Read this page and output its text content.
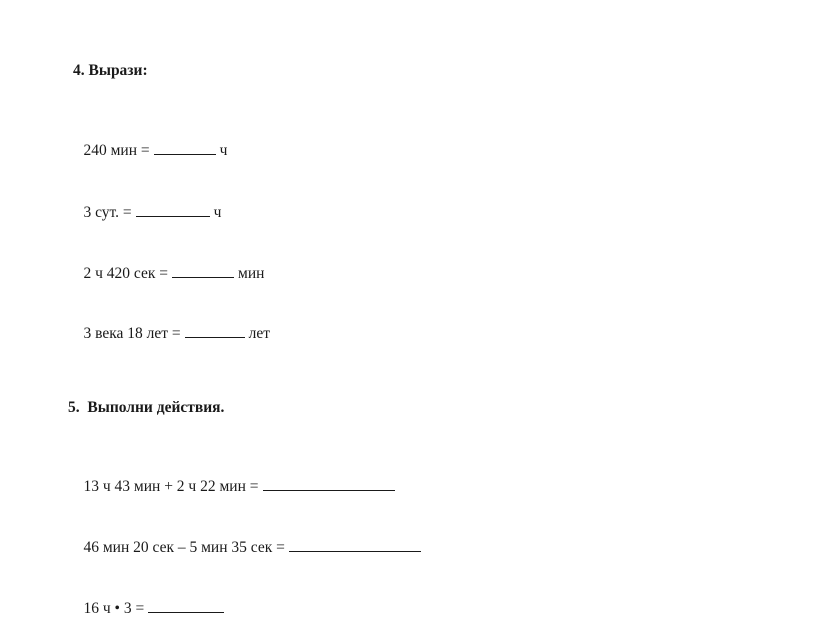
4. Вырази:

240 мин =	ч

3 сут. =	ч

2 ч 420 сек =	мин

3 века 18 лет =	лет

5.  Выполни действия.

13 ч 43 мин + 2 ч 22 мин =

46 мин 20 сек – 5 мин 35 сек =

16 ч • 3 =
